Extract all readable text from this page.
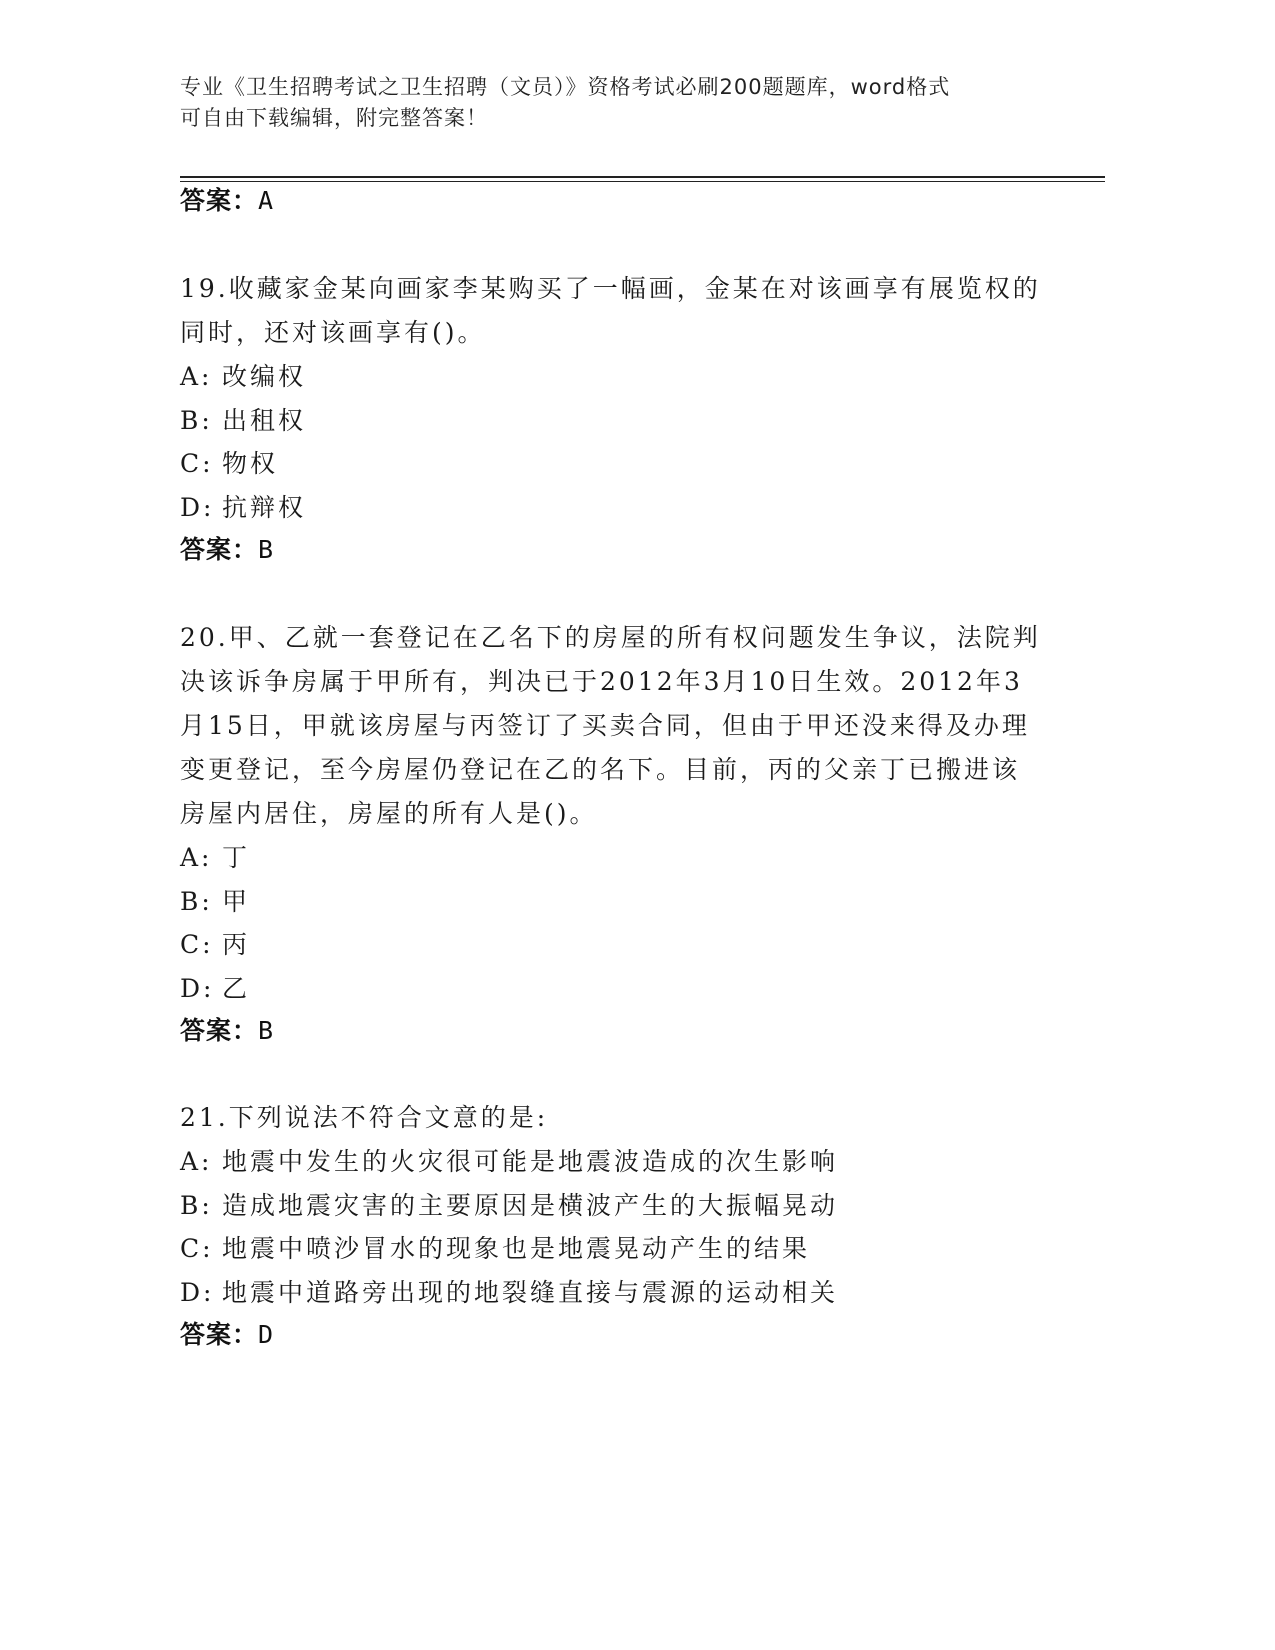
专业《卫生招聘考试之卫生招聘（文员）》资格考试必刷200题题库，word格式
可自由下载编辑，附完整答案！
答案：A
19.收藏家金某向画家李某购买了一幅画，金某在对该画享有展览权的
同时，还对该画享有()。
A: 改编权
B: 出租权
C: 物权
D: 抗辩权
答案：B
20.甲、乙就一套登记在乙名下的房屋的所有权问题发生争议，法院判
决该诉争房属于甲所有，判决已于2012年3月10日生效。2012年3
月15日，甲就该房屋与丙签订了买卖合同，但由于甲还没来得及办理
变更登记，至今房屋仍登记在乙的名下。目前，丙的父亲丁已搬进该
房屋内居住，房屋的所有人是()。
A: 丁
B: 甲
C: 丙
D: 乙
答案：B
21.下列说法不符合文意的是:
A: 地震中发生的火灾很可能是地震波造成的次生影响
B: 造成地震灾害的主要原因是横波产生的大振幅晃动
C: 地震中喷沙冒水的现象也是地震晃动产生的结果
D: 地震中道路旁出现的地裂缝直接与震源的运动相关
答案：D
